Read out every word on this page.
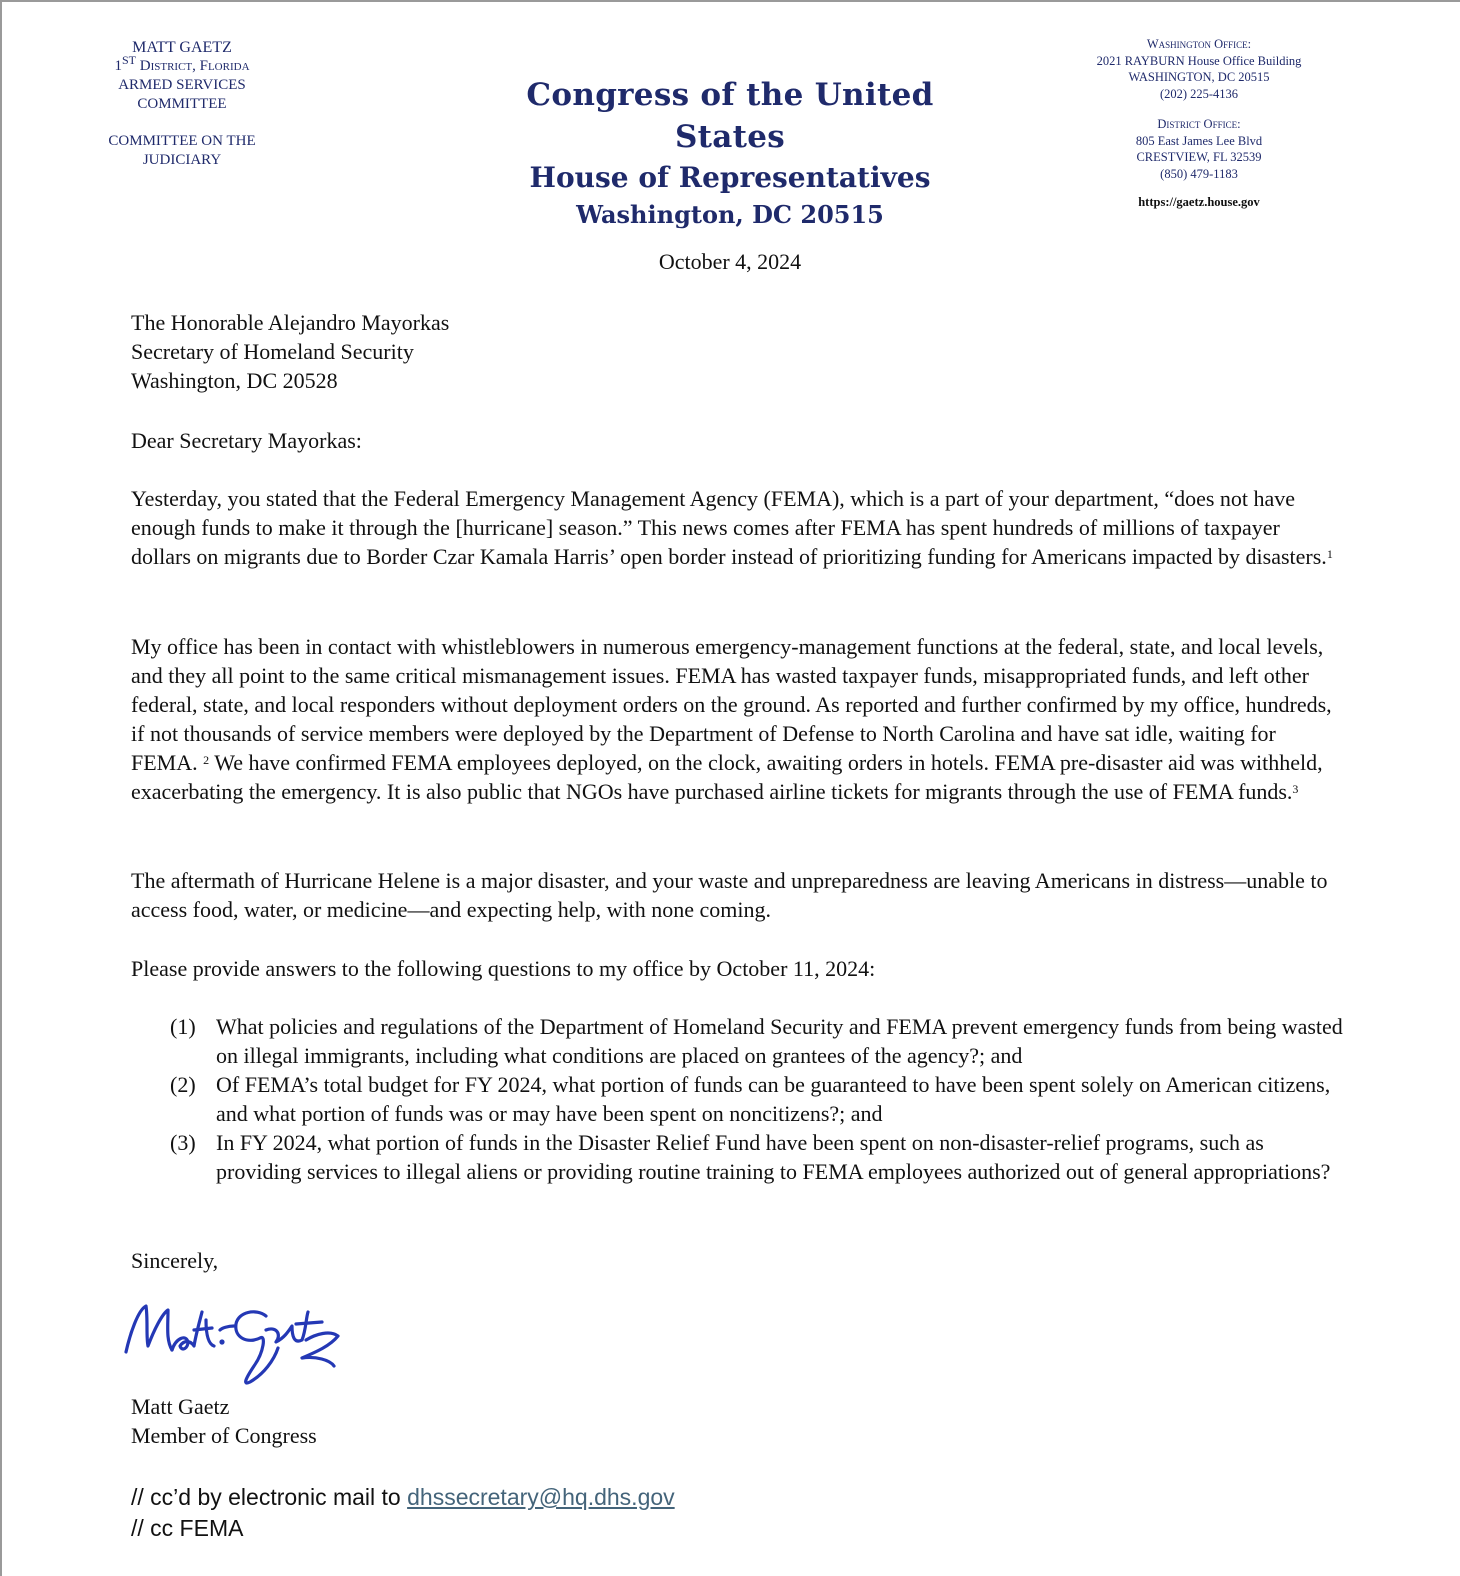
MATT GAETZ
1ST District, Florida
ARMED SERVICES
COMMITTEE
COMMITTEE ON THE
JUDICIARY
Congress of the United States
House of Representatives
Washington, DC 20515
Washington Office:
2021 RAYBURN House Office Building
WASHINGTON, DC 20515
(202) 225-4136
District Office:
805 East James Lee Blvd
CRESTVIEW, FL 32539
(850) 479-1183
https://gaetz.house.gov
October 4, 2024

The Honorable Alejandro Mayorkas

Secretary of Homeland Security

Washington, DC 20528

Dear Secretary Mayorkas:
Yesterday, you stated that the Federal Emergency Management Agency (FEMA), which is a part of your department, “does not have enough funds to make it through the [hurricane] season.” This news comes after FEMA has spent hundreds of millions of taxpayer dollars on migrants due to Border Czar Kamala Harris’ open border instead of prioritizing funding for Americans impacted by disasters.$^1$
My office has been in contact with whistleblowers in numerous emergency-management functions at the federal, state, and local levels, and they all point to the same critical mismanagement issues. FEMA has wasted taxpayer funds, misappropriated funds, and left other federal, state, and local responders without deployment orders on the ground. As reported and further confirmed by my office, hundreds, if not thousands of service members were deployed by the Department of Defense to North Carolina and have sat idle, waiting for FEMA. $^2$ We have confirmed FEMA employees deployed, on the clock, awaiting orders in hotels. FEMA pre-disaster aid was withheld, exacerbating the emergency. It is also public that NGOs have purchased airline tickets for migrants through the use of FEMA funds.$^3$
The aftermath of Hurricane Helene is a major disaster, and your waste and unpreparedness are leaving Americans in distress—unable to access food, water, or medicine—and expecting help, with none coming.
Please provide answers to the following questions to my office by October 11, 2024:
(1) What policies and regulations of the Department of Homeland Security and FEMA prevent emergency funds from being wasted on illegal immigrants, including what conditions are placed on grantees of the agency?; and
(2) Of FEMA’s total budget for FY 2024, what portion of funds can be guaranteed to have been spent solely on American citizens, and what portion of funds was or may have been spent on noncitizens?; and
(3) In FY 2024, what portion of funds in the Disaster Relief Fund have been spent on non-disaster-relief programs, such as providing services to illegal aliens or providing routine training to FEMA employees authorized out of general appropriations?
Sincerely,

Matt Gaetz

Member of Congress

// cc’d by electronic mail to dhssecretary@hq.dhs.gov
// cc FEMA
